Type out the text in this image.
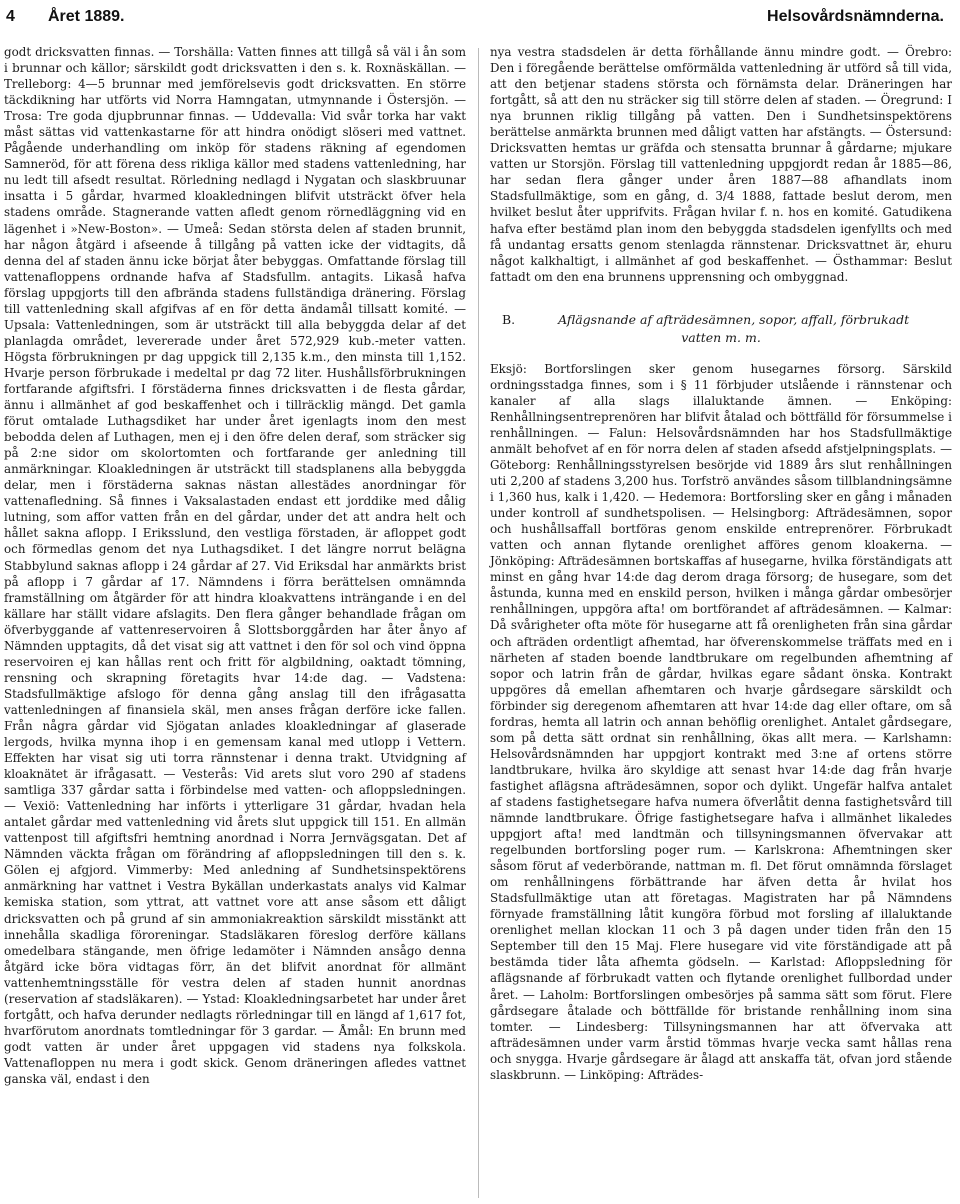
4 Året 1889.	Helsovårdsnämnderna.

godt dricksvatten finnas. — Torshälla: Vatten finnes att tillgå så väl i ån som i brunnar och källor; särskildt godt dricksvatten i den s. k. Roxnäskällan. — Trelleborg: 4—5 brunnar med jemförelsevis godt dricksvatten. En större täckdikning har utförts vid Norra Hamngatan, utmynnande i Östersjön. — Trosa: Tre goda djupbrunnar finnas. — Uddevalla: Vid svår torka har vakt måst sättas vid vattenkastarne för att hindra onödigt slöseri med vattnet. Pågående underhandling om inköp för stadens räkning af egendomen Samneröd, för att förena dess rikliga källor med stadens vattenledning, har nu ledt till afsedt resultat. Rörledning nedlagd i Nygatan och slaskbruunar insatta i 5 gårdar, hvarmed kloakledningen blifvit utsträckt öfver hela stadens område. Stagnerande vatten afledt genom rörnedläggning vid en lägenhet i »New-Boston». — Umeå: Sedan största delen af staden brunnit, har någon åtgärd i afseende å tillgång på vatten icke der vidtagits, då denna del af staden ännu icke börjat åter bebyggas. Omfattande förslag till vattenafloppens ordnande hafva af Stadsfullm. antagits. Likaså hafva förslag uppgjorts till den afbrända stadens fullständiga dränering. Förslag till vattenledning skall afgifvas af en för detta ändamål tillsatt komité. — Upsala: Vattenledningen, som är utsträckt till alla bebyggda delar af det planlagda området, levererade under året 572,929 kub.-meter vatten. Högsta förbrukningen pr dag uppgick till 2,135 k.m., den minsta till 1,152. Hvarje person förbrukade i medeltal pr dag 72 liter. Hushållsförbrukningen fortfarande afgiftsfri. I förstäderna finnes dricksvatten i de flesta gårdar, ännu i allmänhet af god beskaffenhet och i tillräcklig mängd. Det gamla förut omtalade Luthagsdiket har under året igenlagts inom den mest bebodda delen af Luthagen, men ej i den öfre delen deraf, som sträcker sig på 2:ne sidor om skolortomten och fortfarande ger anledning till anmärkningar. Kloakledningen är utsträckt till stadsplanens alla bebyggda delar, men i förstäderna saknas nästan allestädes anordningar för vattenafledning. Så finnes i Vaksalastaden endast ett jorddike med dålig lutning, som affor vatten från en del gårdar, under det att andra helt och hållet sakna aflopp. I Eriksslund, den vestliga förstaden, är afloppet godt och förmedlas genom det nya Luthagsdiket. I det längre norrut belägna Stabbylund saknas aflopp i 24 gårdar af 27. Vid Eriksdal har anmärkts brist på aflopp i 7 gårdar af 17. Nämndens i förra berättelsen omnämnda framställning om åtgärder för att hindra kloakvattens inträngande i en del källare har ställt vidare afslagits. Den flera gånger behandlade frågan om öfverbyggande af vattenreservoiren å Slottsborggården har åter ånyo af Nämnden upptagits, då det visat sig att vattnet i den för sol och vind öppna reservoiren ej kan hållas rent och fritt för algbildning, oaktadt tömning, rensning och skrapning företagits hvar 14:de dag. — Vadstena: Stadsfullmäktige afslogo för denna gång anslag till den ifrågasatta vattenledningen af finansiela skäl, men anses frågan derföre icke fallen. Från några gårdar vid Sjögatan anlades kloakledningar af glaserade lergods, hvilka mynna ihop i en gemensam kanal med utlopp i Vettern. Effekten har visat sig uti torra rännstenar i denna trakt. Utvidgning af kloaknätet är ifrågasatt. — Vesterås: Vid arets slut voro 290 af stadens samtliga 337 gårdar satta i förbindelse med vatten- och afloppsledningen. — Vexiö: Vattenledning har införts i ytterligare 31 gårdar, hvadan hela antalet gårdar med vattenledning vid årets slut uppgick till 151. En allmän vattenpost till afgiftsfri hemtning anordnad i Norra Jernvägsgatan. Det af Nämnden väckta frågan om förändring af afloppsledningen till den s. k. Gölen ej afgjord. Vimmerby: Med anledning af Sundhetsinspektörens anmärkning har vattnet i Vestra Bykällan underkastats analys vid Kalmar kemiska station, som yttrat, att vattnet vore att anse såsom ett dåligt dricksvatten och på grund af sin ammoniakreaktion särskildt misstänkt att innehålla skadliga föroreningar. Stadsläkaren föreslog derföre källans omedelbara stängande, men öfrige ledamöter i Nämnden ansågo denna åtgärd icke böra vidtagas förr, än det blifvit anordnat för allmänt vattenhemtningsställe för vestra delen af staden hunnit anordnas (reservation af stadsläkaren). — Ystad: Kloakledningsarbetet har under året fortgått, och hafva derunder nedlagts rörledningar till en längd af 1,617 fot, hvarförutom anordnats tomtledningar för 3 gardar. — Åmål: En brunn med godt vatten är under året uppgagen vid stadens nya folkskola. Vattenafloppen nu mera i godt skick. Genom dräneringen afledes vattnet ganska väl, endast i den

nya vestra stadsdelen är detta förhållande ännu mindre godt. — Örebro: Den i föregående berättelse omförmälda vattenledning är utförd så till vida, att den betjenar stadens största och förnämsta delar. Dräneringen har fortgått, så att den nu sträcker sig till större delen af staden. — Öregrund: I nya brunnen riklig tillgång på vatten. Den i Sundhetsinspektörens berättelse anmärkta brunnen med dåligt vatten har afstängts. — Östersund: Dricksvatten hemtas ur gräfda och stensatta brunnar å gårdarne; mjukare vatten ur Storsjön. Förslag till vattenledning uppgjordt redan år 1885—86, har sedan flera gånger under åren 1887—88 afhandlats inom Stadsfullmäktige, som en gång, d. 3/4 1888, fattade beslut derom, men hvilket beslut åter upprifvits. Frågan hvilar f. n. hos en komité. Gatudikena hafva efter bestämd plan inom den bebyggda stadsdelen igenfyllts och med få undantag ersatts genom stenlagda rännstenar. Dricksvattnet är, ehuru något kalkhaltigt, i allmänhet af god beskaffenhet. — Östhammar: Beslut fattadt om den ena brunnens upprensning och ombyggnad.

B.	Aflägsnande af afträdesämnen, sopor, affall, förbrukadt
vatten m. m.

Eksjö: Bortforslingen sker genom husegarnes försorg. Särskild ordningsstadga finnes, som i § 11 förbjuder utslående i rännstenar och kanaler af alla slags illaluktande ämnen. — Enköping: Renhållningsentreprenören har blifvit åtalad och böttfälld för försummelse i renhållningen. — Falun: Helsovårdsnämnden har hos Stadsfullmäktige anmält behofvet af en för norra delen af staden afsedd afstjelpningsplats. — Göteborg: Renhållningsstyrelsen besörjde vid 1889 års slut renhållningen uti 2,200 af stadens 3,200 hus. Torfströ användes såsom tillblandningsämne i 1,360 hus, kalk i 1,420. — Hedemora: Bortforsling sker en gång i månaden under kontroll af sundhetspolisen. — Helsingborg: Afträdesämnen, sopor och hushållsaffall bortföras genom enskilde entreprenörer. Förbrukadt vatten och annan flytande orenlighet afföres genom kloakerna. — Jönköping: Afträdesämnen bortskaffas af husegarne, hvilka förständigats att minst en gång hvar 14:de dag derom draga försorg; de husegare, som det åstunda, kunna med en enskild person, hvilken i många gårdar ombesörjer renhållningen, uppgöra afta! om bortförandet af afträdesämnen. — Kalmar: Då svårigheter ofta möte för husegarne att få orenligheten från sina gårdar och afträden ordentligt afhemtad, har öfverenskommelse träffats med en i närheten af staden boende landtbrukare om regelbunden afhemtning af sopor och latrin från de gårdar, hvilkas egare sådant önska. Kontrakt uppgöres då emellan afhemtaren och hvarje gårdsegare särskildt och förbinder sig deregenom afhemtaren att hvar 14:de dag eller oftare, om så fordras, hemta all latrin och annan behöflig orenlighet. Antalet gårdsegare, som på detta sätt ordnat sin renhållning, ökas allt mera. — Karlshamn: Helsovårdsnämnden har uppgjort kontrakt med 3:ne af ortens större landtbrukare, hvilka äro skyldige att senast hvar 14:de dag från hvarje fastighet aflägsna afträdesämnen, sopor och dylikt. Ungefär halfva antalet af stadens fastighetsegare hafva numera öfverlåtit denna fastighetsvård till nämnde landtbrukare. Öfrige fastighetsegare hafva i allmänhet likaledes uppgjort afta! med landtmän och tillsyningsmannen öfvervakar att regelbunden bortforsling poger rum. — Karlskrona: Afhemtningen sker såsom förut af vederbörande, nattman m. fl. Det förut omnämnda förslaget om renhållningens förbättrande har äfven detta år hvilat hos Stadsfullmäktige utan att företagas. Magistraten har på Nämndens förnyade framställning låtit kungöra förbud mot forsling af illaluktande orenlighet mellan klockan 11 och 3 på dagen under tiden från den 15 September till den 15 Maj. Flere husegare vid vite förständigade att på bestämda tider låta afhemta gödseln. — Karlstad: Afloppsledning för aflägsnande af förbrukadt vatten och flytande orenlighet fullbordad under året. — Laholm: Bortforslingen ombesörjes på samma sätt som förut. Flere gårdsegare åtalade och böttfällde för bristande renhållning inom sina tomter. — Lindesberg: Tillsyningsmannen har att öfvervaka att afträdesämnen under varm årstid tömmas hvarje vecka samt hållas rena och snygga. Hvarje gårdsegare är ålagd att anskaffa tät, ofvan jord stående slaskbrunn. — Linköping: Afträdes-
